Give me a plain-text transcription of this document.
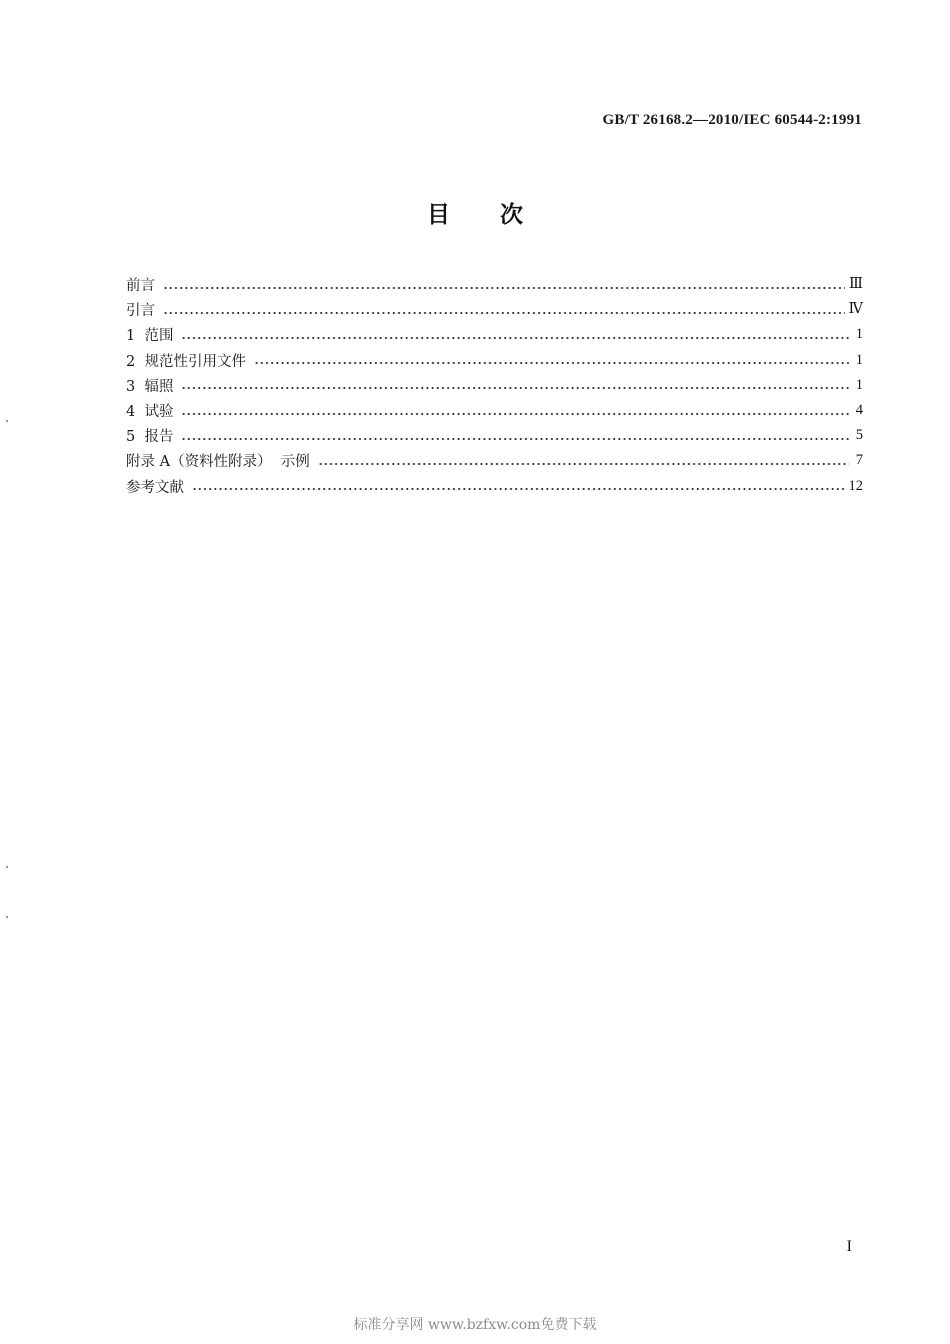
GB/T 26168.2—2010/IEC 60544-2:1991
目 次
前言	Ⅲ
引言	Ⅳ
1  范围	1
2  规范性引用文件	1
3  辐照	1
4  试验	4
5  报告	5
附录 A（资料性附录）  示例	7
参考文献	12
I
标准分享网 www.bzfxw.com免费下载
